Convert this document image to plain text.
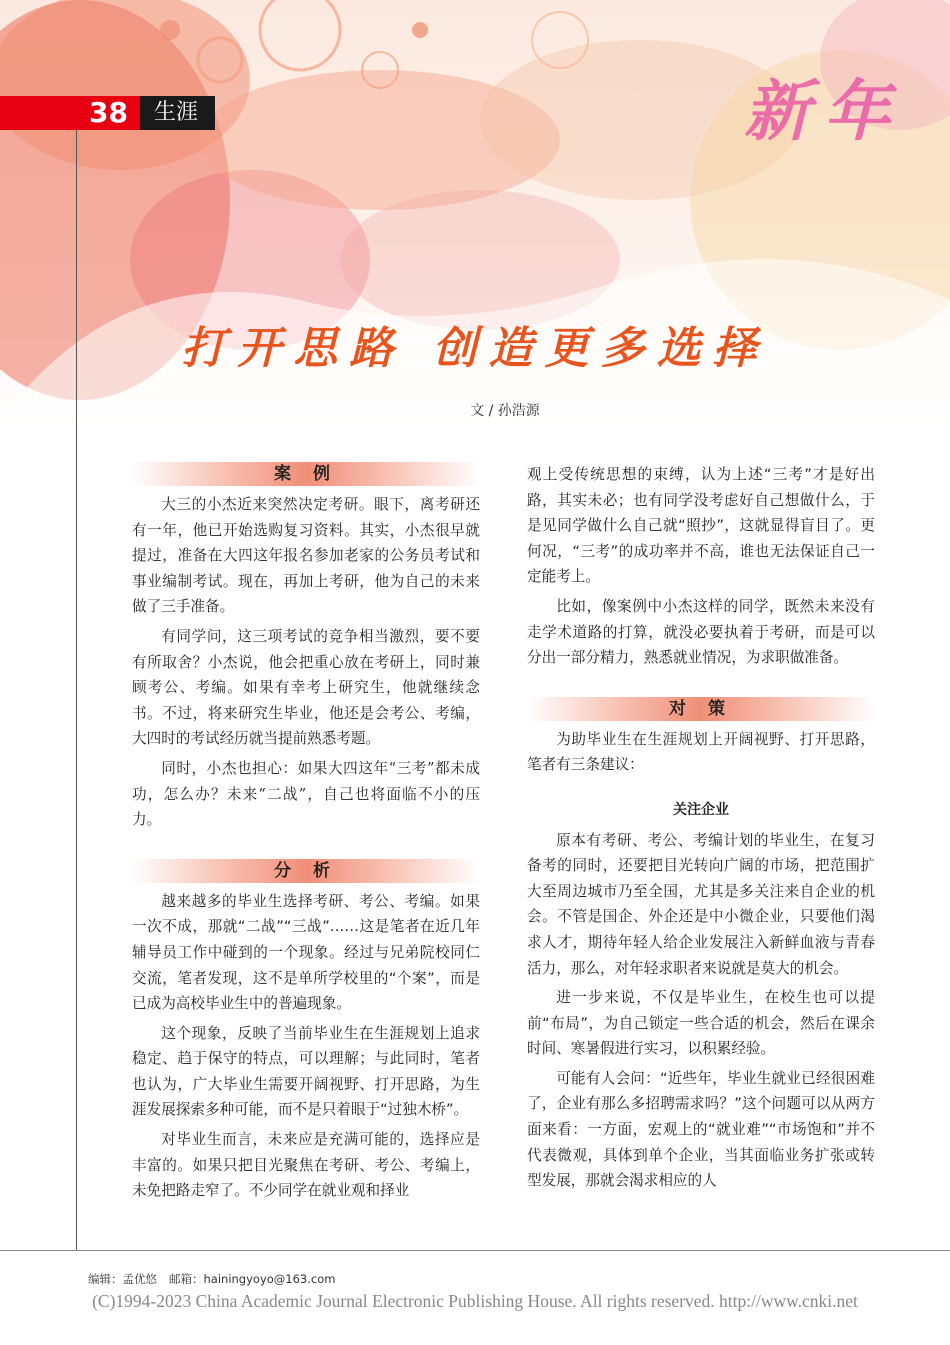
38	生涯	新年
打开思路 创造更多选择
文 / 孙浩源
案 例

大三的小杰近来突然决定考研。眼下，离考研还有一年，他已开始选购复习资料。其实，小杰很早就提过，准备在大四这年报名参加老家的公务员考试和事业编制考试。现在，再加上考研，他为自己的未来做了三手准备。

有同学问，这三项考试的竞争相当激烈，要不要有所取舍？小杰说，他会把重心放在考研上，同时兼顾考公、考编。如果有幸考上研究生，他就继续念书。不过，将来研究生毕业，他还是会考公、考编，大四时的考试经历就当提前熟悉考题。

同时，小杰也担心：如果大四这年“三考”都未成功，怎么办？未来“二战”，自己也将面临不小的压力。

分 析

越来越多的毕业生选择考研、考公、考编。如果一次不成，那就“二战”“三战”……这是笔者在近几年辅导员工作中碰到的一个现象。经过与兄弟院校同仁交流，笔者发现，这不是单所学校里的“个案”，而是已成为高校毕业生中的普遍现象。

这个现象，反映了当前毕业生在生涯规划上追求稳定、趋于保守的特点，可以理解；与此同时，笔者也认为，广大毕业生需要开阔视野、打开思路，为生涯发展探索多种可能，而不是只着眼于“过独木桥”。

对毕业生而言，未来应是充满可能的，选择应是丰富的。如果只把目光聚焦在考研、考公、考编上，未免把路走窄了。不少同学在就业观和择业

观上受传统思想的束缚，认为上述“三考”才是好出路，其实未必；也有同学没考虑好自己想做什么，于是见同学做什么自己就“照抄”，这就显得盲目了。更何况，“三考”的成功率并不高，谁也无法保证自己一定能考上。

比如，像案例中小杰这样的同学，既然未来没有走学术道路的打算，就没必要执着于考研，而是可以分出一部分精力，熟悉就业情况，为求职做准备。

对 策

为助毕业生在生涯规划上开阔视野、打开思路，笔者有三条建议：

关注企业

原本有考研、考公、考编计划的毕业生，在复习备考的同时，还要把目光转向广阔的市场，把范围扩大至周边城市乃至全国，尤其是多关注来自企业的机会。不管是国企、外企还是中小微企业，只要他们渴求人才，期待年轻人给企业发展注入新鲜血液与青春活力，那么，对年轻求职者来说就是莫大的机会。

进一步来说，不仅是毕业生，在校生也可以提前“布局”，为自己锁定一些合适的机会，然后在课余时间、寒暑假进行实习，以积累经验。

可能有人会问：“近些年，毕业生就业已经很困难了，企业有那么多招聘需求吗？”这个问题可以从两方面来看：一方面，宏观上的“就业难”“市场饱和”并不代表微观，具体到单个企业，当其面临业务扩张或转型发展，那就会渴求相应的人

编辑：孟优悠 邮箱：hainingyoyo@163.com
(C)1994-2023 China Academic Journal Electronic Publishing House. All rights reserved. http://www.cnki.net
